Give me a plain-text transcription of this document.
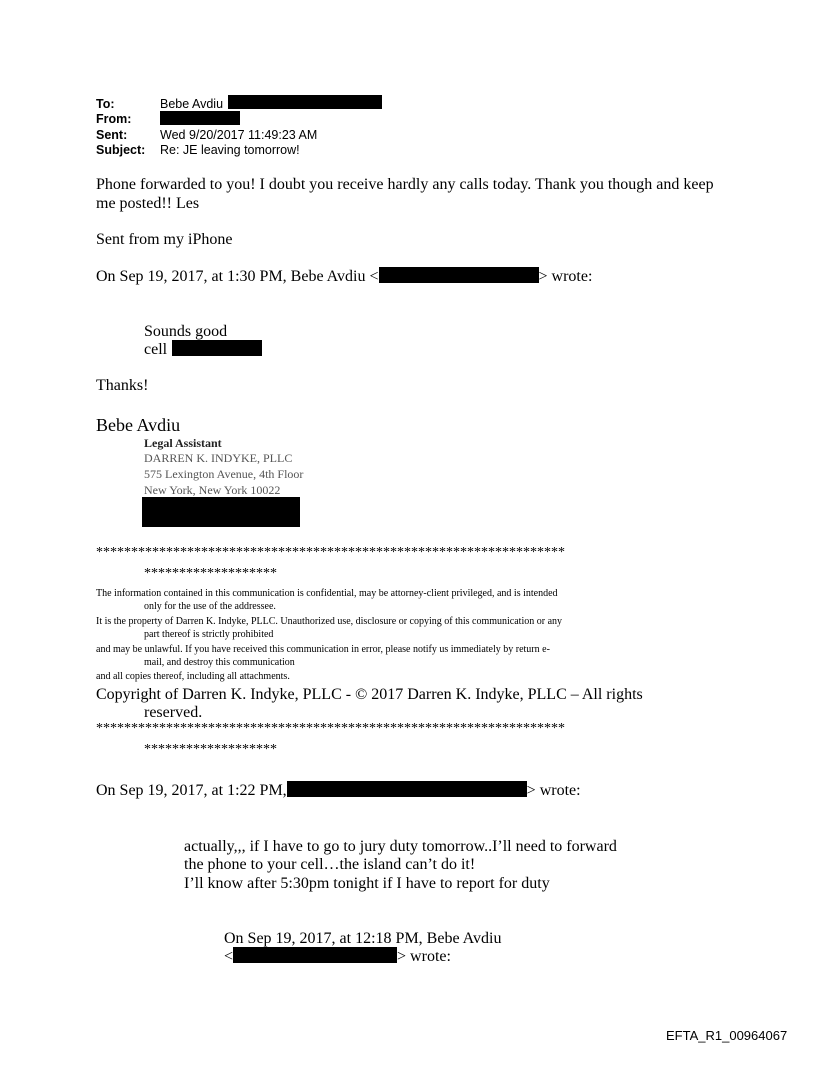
To:	Bebe Avdiu
From:
Sent:	Wed 9/20/2017 11:49:23 AM
Subject: Re: JE leaving tomorrow!
Phone forwarded to you! I doubt you receive hardly any calls today. Thank you though and keep
me posted!! Les
Sent from my iPhone
On Sep 19, 2017, at 1:30 PM, Bebe Avdiu <	> wrote:
Sounds good
cell
Thanks!
Bebe Avdiu
Legal Assistant
DARREN K. INDYKE, PLLC
575 Lexington Avenue, 4th Floor
New York, New York 10022
*******************************************************************
*******************
The information contained in this communication is confidential, may be attorney-client privileged, and is intended
only for the use of the addressee.
It is the property of Darren K. Indyke, PLLC. Unauthorized use, disclosure or copying of this communication or any
part thereof is strictly prohibited
and may be unlawful. If you have received this communication in error, please notify us immediately by return e-
mail, and destroy this communication
and all copies thereof, including all attachments.
Copyright of Darren K. Indyke, PLLC - © 2017 Darren K. Indyke, PLLC – All rights
reserved.
*******************************************************************
*******************
On Sep 19, 2017, at 1:22 PM,	> wrote:
actually,,, if I have to go to jury duty tomorrow..I’ll need to forward
the phone to your cell…the island can’t do it!
I’ll know after 5:30pm tonight if I have to report for duty
On Sep 19, 2017, at 12:18 PM, Bebe Avdiu
<	> wrote:
EFTA_R1_00964067
